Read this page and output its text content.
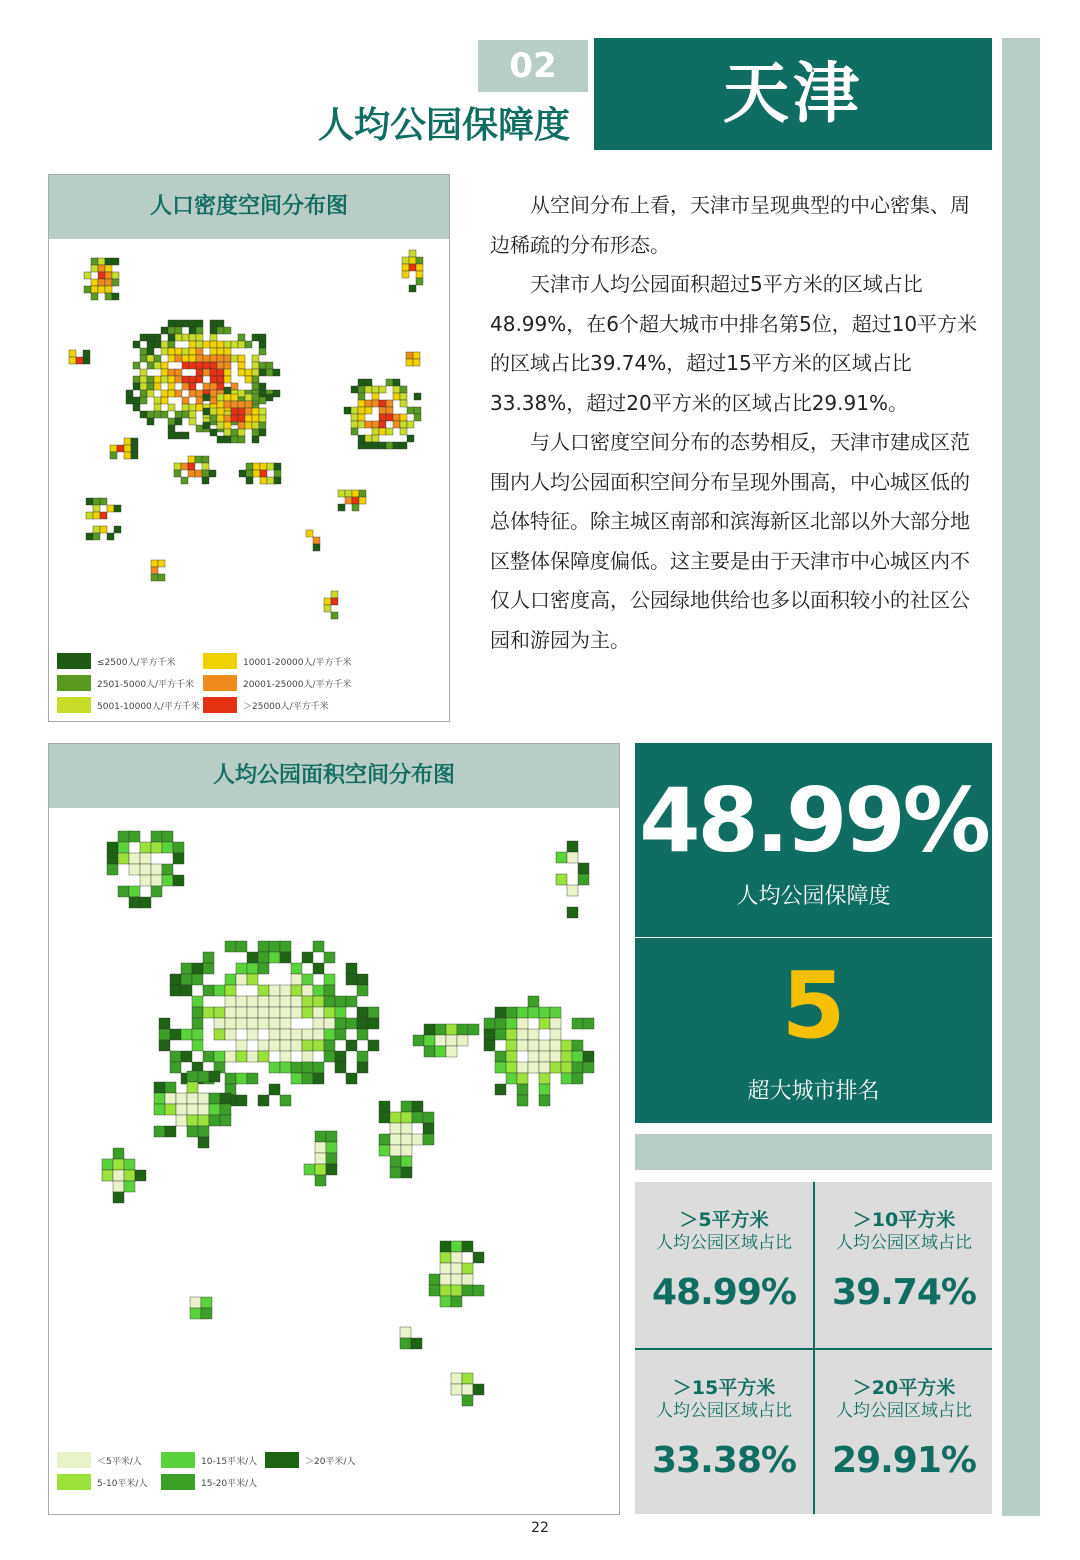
02
人均公园保障度	天津
人口密度空间分布图
≤2500人/平方千米
2501-5000人/平方千米
5001-10000人/平方千米
10001-20000人/平方千米
20001-25000人/平方千米
＞25000人/平方千米
人均公园面积空间分布图
＜5平米/人
5-10平米/人
10-15平米/人
15-20平米/人
＞20平米/人

从空间分布上看，天津市呈现典型的中心密集、周边稀疏的分布形态。

天津市人均公园面积超过5平方米的区域占比48.99%，在6个超大城市中排名第5位，超过10平方米的区域占比39.74%，超过15平方米的区域占比33.38%，超过20平方米的区域占比29.91%。

与人口密度空间分布的态势相反，天津市建成区范围内人均公园面积空间分布呈现外围高，中心城区低的总体特征。除主城区南部和滨海新区北部以外大部分地区整体保障度偏低。这主要是由于天津市中心城区内不仅人口密度高，公园绿地供给也多以面积较小的社区公园和游园为主。

48.99%
人均公园保障度
5
超大城市排名
＞5平方米
人均公园区域占比
48.99%
＞10平方米
人均公园区域占比
39.74%
＞15平方米
人均公园区域占比
33.38%
＞20平方米
人均公园区域占比
29.91%
22
